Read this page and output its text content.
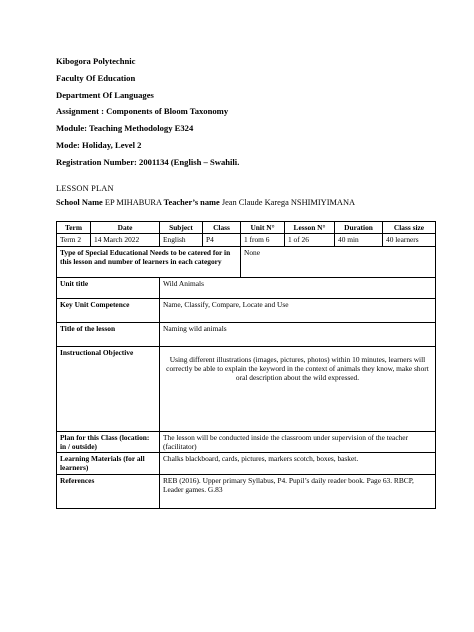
Kibogora Polytechnic
Faculty Of Education
Department Of Languages
Assignment : Components of Bloom Taxonomy
Module: Teaching Methodology E324
Mode: Holiday, Level 2
Registration Number: 2001134 (English – Swahili.
LESSON PLAN
School Name EP MIHABURA Teacher’s name Jean Claude Karega NSHIMIYIMANA
Term	Date	Subject	Class	Unit N°	Lesson N°	Duration	Class size
Term 2	14 March 2022	English	P4	1 from 6	1 of 26	40 min	40 learners
Type of Special Educational Needs to be catered for in this lesson and number of learners in each category				None			
Unit title		Wild Animals					
Key Unit Competence		Name, Classify, Compare, Locate and Use					
Title of the lesson		Naming wild animals					
Instructional Objective		Using different illustrations (images, pictures, photos) within 10 minutes, learners will correctly be able to explain the keyword in the context of animals they know, make short oral description about the wild expressed.					

Plan for this Class (location: in / outside)		The lesson will be conducted inside the classroom under supervision of the teacher (facilitator)					
Learning Materials (for all learners)		Chalks blackboard, cards, pictures, markers scotch, boxes, basket.					
References		REB (2016). Upper primary Syllabus, P4. Pupil’s daily reader book. Page 63. RBCP, Leader games. G.83					
